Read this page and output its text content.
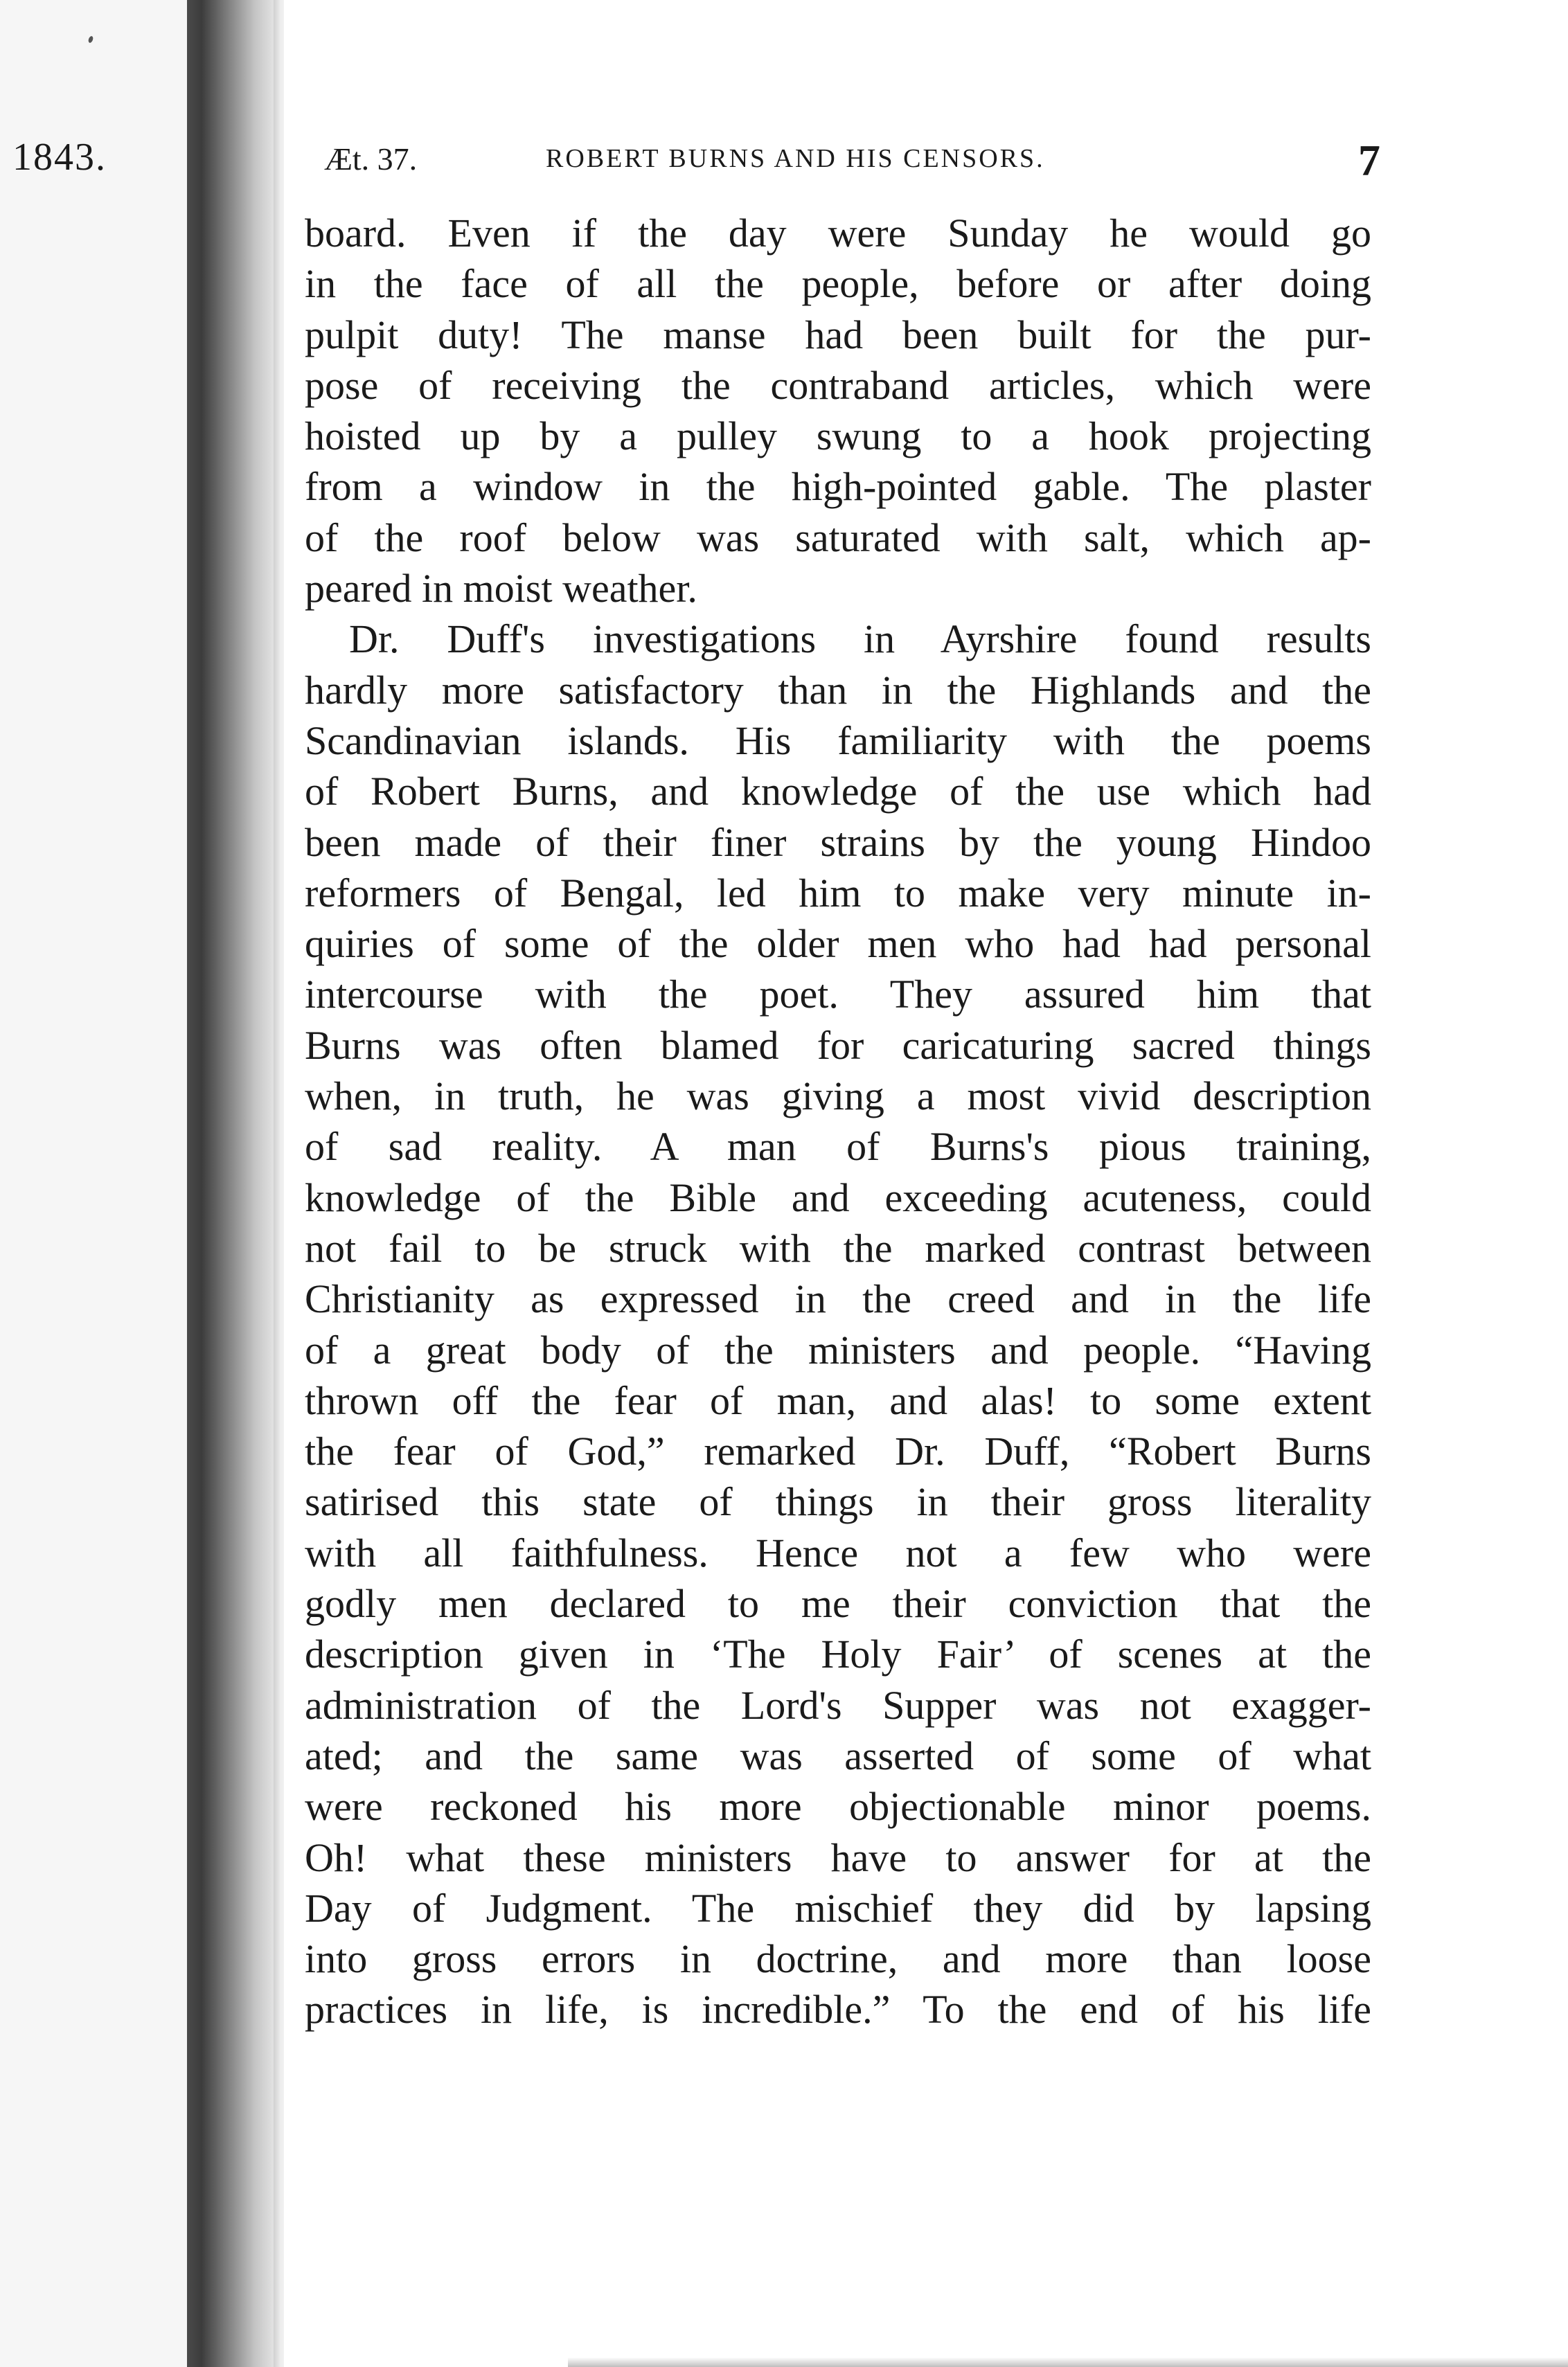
1843.	Æt. 37.	ROBERT BURNS AND HIS CENSORS.	7
board. Even if the day were Sunday he would go
in the face of all the people, before or after doing
pulpit duty! The manse had been built for the pur-
pose of receiving the contraband articles, which were
hoisted up by a pulley swung to a hook projecting
from a window in the high-pointed gable. The plaster
of the roof below was saturated with salt, which ap-
peared in moist weather.
Dr. Duff's investigations in Ayrshire found results
hardly more satisfactory than in the Highlands and the
Scandinavian islands. His familiarity with the poems
of Robert Burns, and knowledge of the use which had
been made of their finer strains by the young Hindoo
reformers of Bengal, led him to make very minute in-
quiries of some of the older men who had had personal
intercourse with the poet. They assured him that
Burns was often blamed for caricaturing sacred things
when, in truth, he was giving a most vivid description
of sad reality. A man of Burns's pious training,
knowledge of the Bible and exceeding acuteness, could
not fail to be struck with the marked contrast between
Christianity as expressed in the creed and in the life
of a great body of the ministers and people. “Having
thrown off the fear of man, and alas! to some extent
the fear of God,” remarked Dr. Duff, “Robert Burns
satirised this state of things in their gross literality
with all faithfulness. Hence not a few who were
godly men declared to me their conviction that the
description given in ‘The Holy Fair’ of scenes at the
administration of the Lord's Supper was not exagger-
ated; and the same was asserted of some of what
were reckoned his more objectionable minor poems.
Oh! what these ministers have to answer for at the
Day of Judgment. The mischief they did by lapsing
into gross errors in doctrine, and more than loose
practices in life, is incredible.” To the end of his life
